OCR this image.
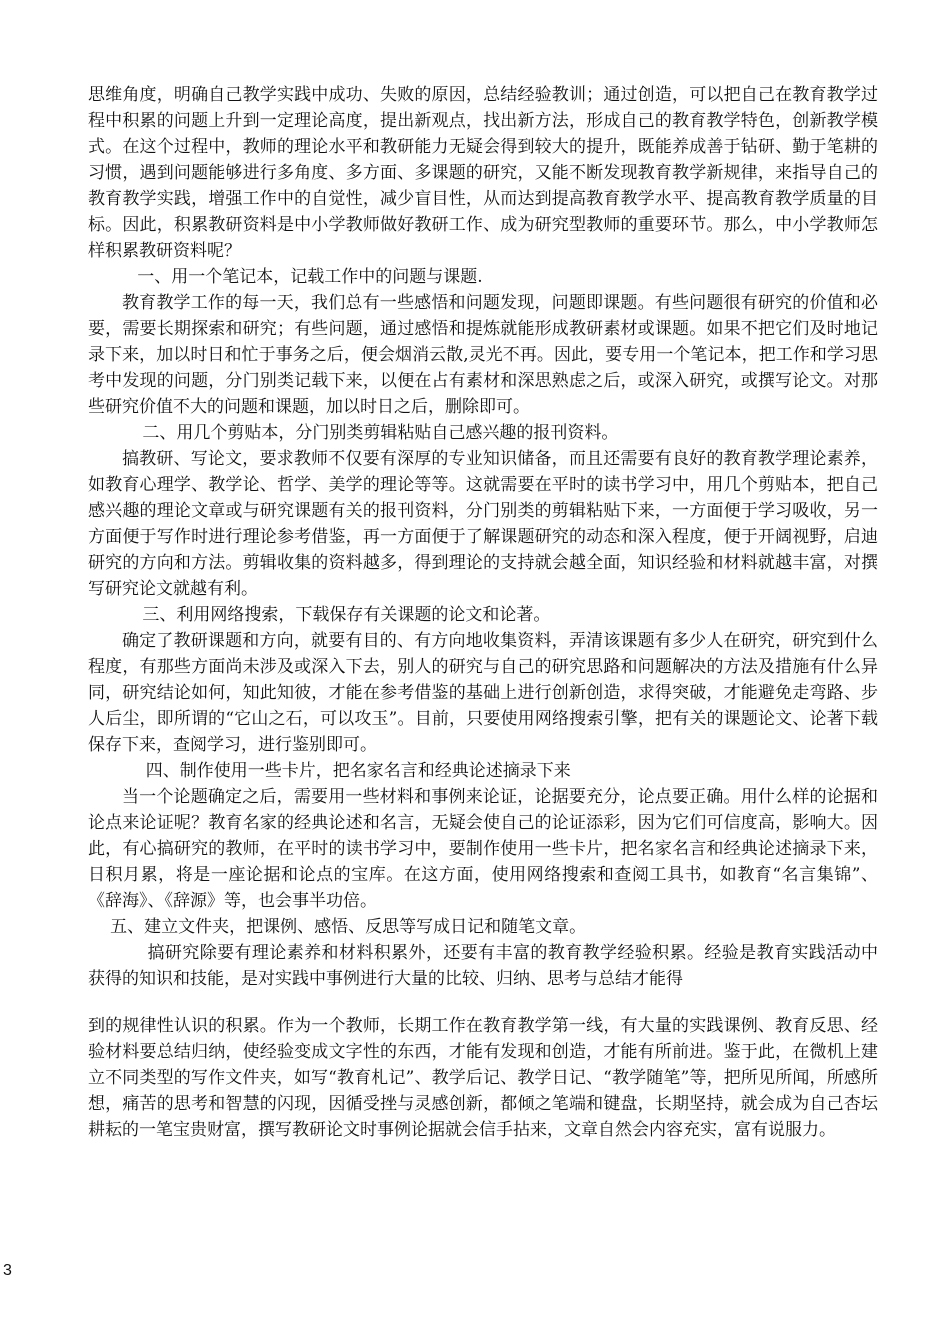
思维角度，明确自己教学实践中成功、失败的原因，总结经验教训；通过创造，可以把自己在教育教学过程中积累的问题上升到一定理论高度，提出新观点，找出新方法，形成自己的教育教学特色，创新教学模式。在这个过程中，教师的理论水平和教研能力无疑会得到较大的提升，既能养成善于钻研、勤于笔耕的习惯，遇到问题能够进行多角度、多方面、多课题的研究，又能不断发现教育教学新规律，来指导自己的教育教学实践，增强工作中的自觉性，减少盲目性，从而达到提高教育教学水平、提高教育教学质量的目标。因此，积累教研资料是中小学教师做好教研工作、成为研究型教师的重要环节。那么，中小学教师怎样积累教研资料呢？

一、用一个笔记本，记载工作中的问题与课题.

教育教学工作的每一天，我们总有一些感悟和问题发现，问题即课题。有些问题很有研究的价值和必要，需要长期探索和研究；有些问题，通过感悟和提炼就能形成教研素材或课题。如果不把它们及时地记录下来，加以时日和忙于事务之后，便会烟消云散,灵光不再。因此，要专用一个笔记本，把工作和学习思考中发现的问题，分门别类记载下来，以便在占有素材和深思熟虑之后，或深入研究，或撰写论文。对那些研究价值不大的问题和课题，加以时日之后，删除即可。

二、用几个剪贴本，分门别类剪辑粘贴自己感兴趣的报刊资料。

搞教研、写论文，要求教师不仅要有深厚的专业知识储备，而且还需要有良好的教育教学理论素养，如教育心理学、教学论、哲学、美学的理论等等。这就需要在平时的读书学习中，用几个剪贴本，把自己感兴趣的理论文章或与研究课题有关的报刊资料，分门别类的剪辑粘贴下来，一方面便于学习吸收，另一方面便于写作时进行理论参考借鉴，再一方面便于了解课题研究的动态和深入程度，便于开阔视野，启迪研究的方向和方法。剪辑收集的资料越多，得到理论的支持就会越全面，知识经验和材料就越丰富，对撰写研究论文就越有利。

三、利用网络搜索，下载保存有关课题的论文和论著。

确定了教研课题和方向，就要有目的、有方向地收集资料，弄清该课题有多少人在研究，研究到什么程度，有那些方面尚未涉及或深入下去，别人的研究与自己的研究思路和问题解决的方法及措施有什么异同，研究结论如何，知此知彼，才能在参考借鉴的基础上进行创新创造，求得突破，才能避免走弯路、步人后尘，即所谓的“它山之石，可以攻玉”。目前，只要使用网络搜索引擎，把有关的课题论文、论著下载保存下来，查阅学习，进行鉴别即可。

四、制作使用一些卡片，把名家名言和经典论述摘录下来

当一个论题确定之后，需要用一些材料和事例来论证，论据要充分，论点要正确。用什么样的论据和论点来论证呢？教育名家的经典论述和名言，无疑会使自己的论证添彩，因为它们可信度高，影响大。因此，有心搞研究的教师，在平时的读书学习中，要制作使用一些卡片，把名家名言和经典论述摘录下来，日积月累，将是一座论据和论点的宝库。在这方面，使用网络搜索和查阅工具书，如教育“名言集锦”、《辞海》、《辞源》等，也会事半功倍。

五、建立文件夹，把课例、感悟、反思等写成日记和随笔文章。

搞研究除要有理论素养和材料积累外，还要有丰富的教育教学经验积累。经验是教育实践活动中获得的知识和技能，是对实践中事例进行大量的比较、归纳、思考与总结才能得

到的规律性认识的积累。作为一个教师，长期工作在教育教学第一线，有大量的实践课例、教育反思、经验材料要总结归纳，使经验变成文字性的东西，才能有发现和创造，才能有所前进。鉴于此，在微机上建立不同类型的写作文件夹，如写“教育札记”、教学后记、教学日记、“教学随笔”等，把所见所闻，所感所想，痛苦的思考和智慧的闪现，因循受挫与灵感创新，都倾之笔端和键盘，长期坚持，就会成为自己杏坛耕耘的一笔宝贵财富，撰写教研论文时事例论据就会信手拈来，文章自然会内容充实，富有说服力。

3
